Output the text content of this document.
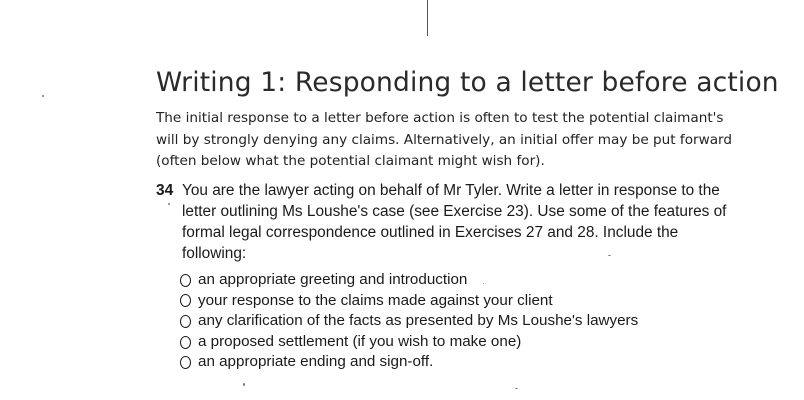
Writing 1: Responding to a letter before action

The initial response to a letter before action is often to test the potential claimant's will by strongly denying any claims. Alternatively, an initial offer may be put forward (often below what the potential claimant might wish for).

34 You are the lawyer acting on behalf of Mr Tyler. Write a letter in response to the letter outlining Ms Loushe's case (see Exercise 23). Use some of the features of formal legal correspondence outlined in Exercises 27 and 28. Include the following:

an appropriate greeting and introduction
your response to the claims made against your client
any clarification of the facts as presented by Ms Loushe's lawyers
a proposed settlement (if you wish to make one)
an appropriate ending and sign-off.
